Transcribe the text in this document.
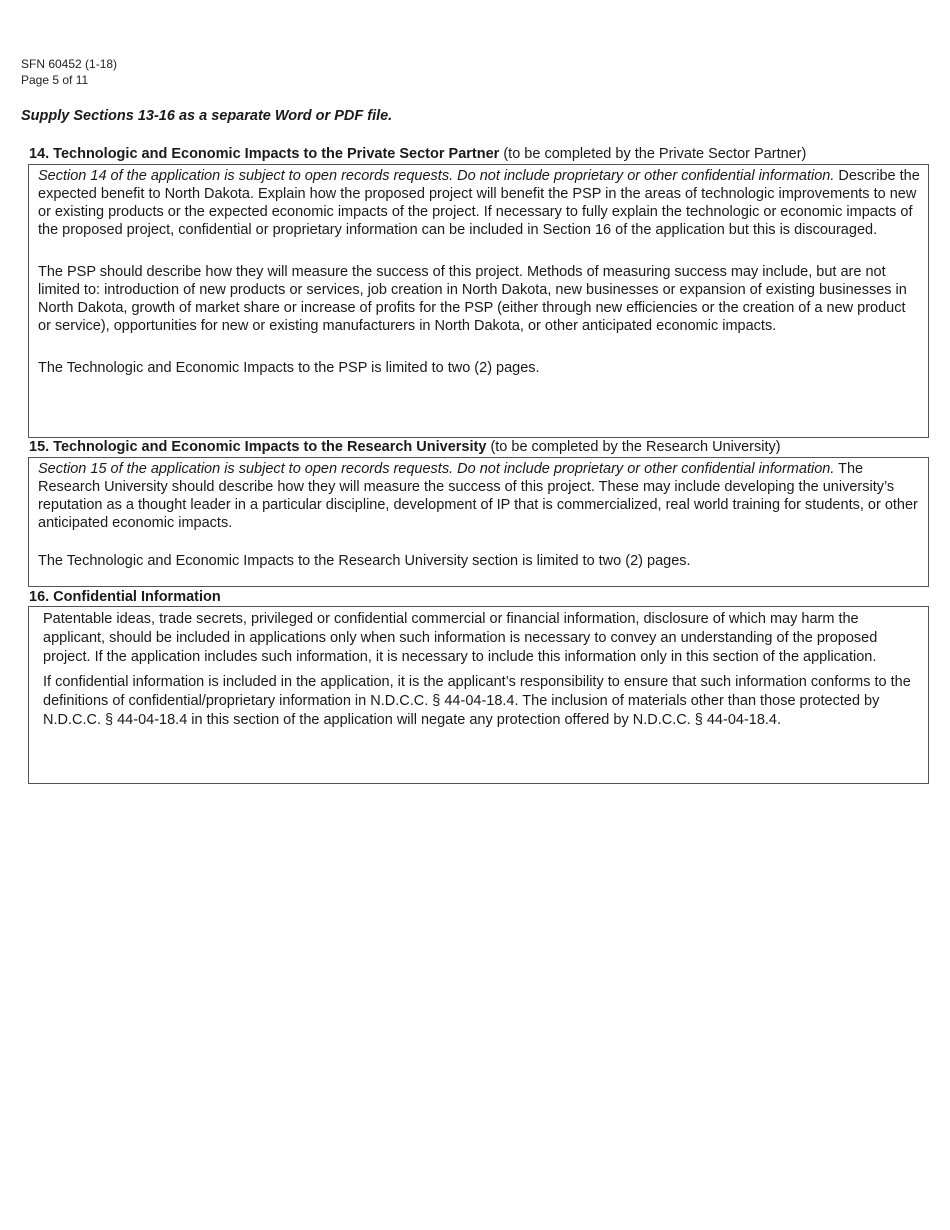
SFN 60452 (1-18)
Page 5 of 11
Supply Sections 13-16 as a separate Word or PDF file.
14. Technologic and Economic Impacts to the Private Sector Partner (to be completed by the Private Sector Partner)

Section 14 of the application is subject to open records requests. Do not include proprietary or other confidential information. Describe the expected benefit to North Dakota. Explain how the proposed project will benefit the PSP in the areas of technologic improvements to new or existing products or the expected economic impacts of the project. If necessary to fully explain the technologic or economic impacts of the proposed project, confidential or proprietary information can be included in Section 16 of the application but this is discouraged.

The PSP should describe how they will measure the success of this project. Methods of measuring success may include, but are not limited to: introduction of new products or services, job creation in North Dakota, new businesses or expansion of existing businesses in North Dakota, growth of market share or increase of profits for the PSP (either through new efficiencies or the creation of a new product or service), opportunities for new or existing manufacturers in North Dakota, or other anticipated economic impacts.

The Technologic and Economic Impacts to the PSP is limited to two (2) pages.

15. Technologic and Economic Impacts to the Research University (to be completed by the Research University)

Section 15 of the application is subject to open records requests. Do not include proprietary or other confidential information. The Research University should describe how they will measure the success of this project. These may include developing the university’s reputation as a thought leader in a particular discipline, development of IP that is commercialized, real world training for students, or other anticipated economic impacts.

The Technologic and Economic Impacts to the Research University section is limited to two (2) pages.

16. Confidential Information

Patentable ideas, trade secrets, privileged or confidential commercial or financial information, disclosure of which may harm the applicant, should be included in applications only when such information is necessary to convey an understanding of the proposed project. If the application includes such information, it is necessary to include this information only in this section of the application.

If confidential information is included in the application, it is the applicant’s responsibility to ensure that such information conforms to the definitions of confidential/proprietary information in N.D.C.C. § 44-04-18.4. The inclusion of materials other than those protected by N.D.C.C. § 44-04-18.4 in this section of the application will negate any protection offered by N.D.C.C. § 44-04-18.4.
